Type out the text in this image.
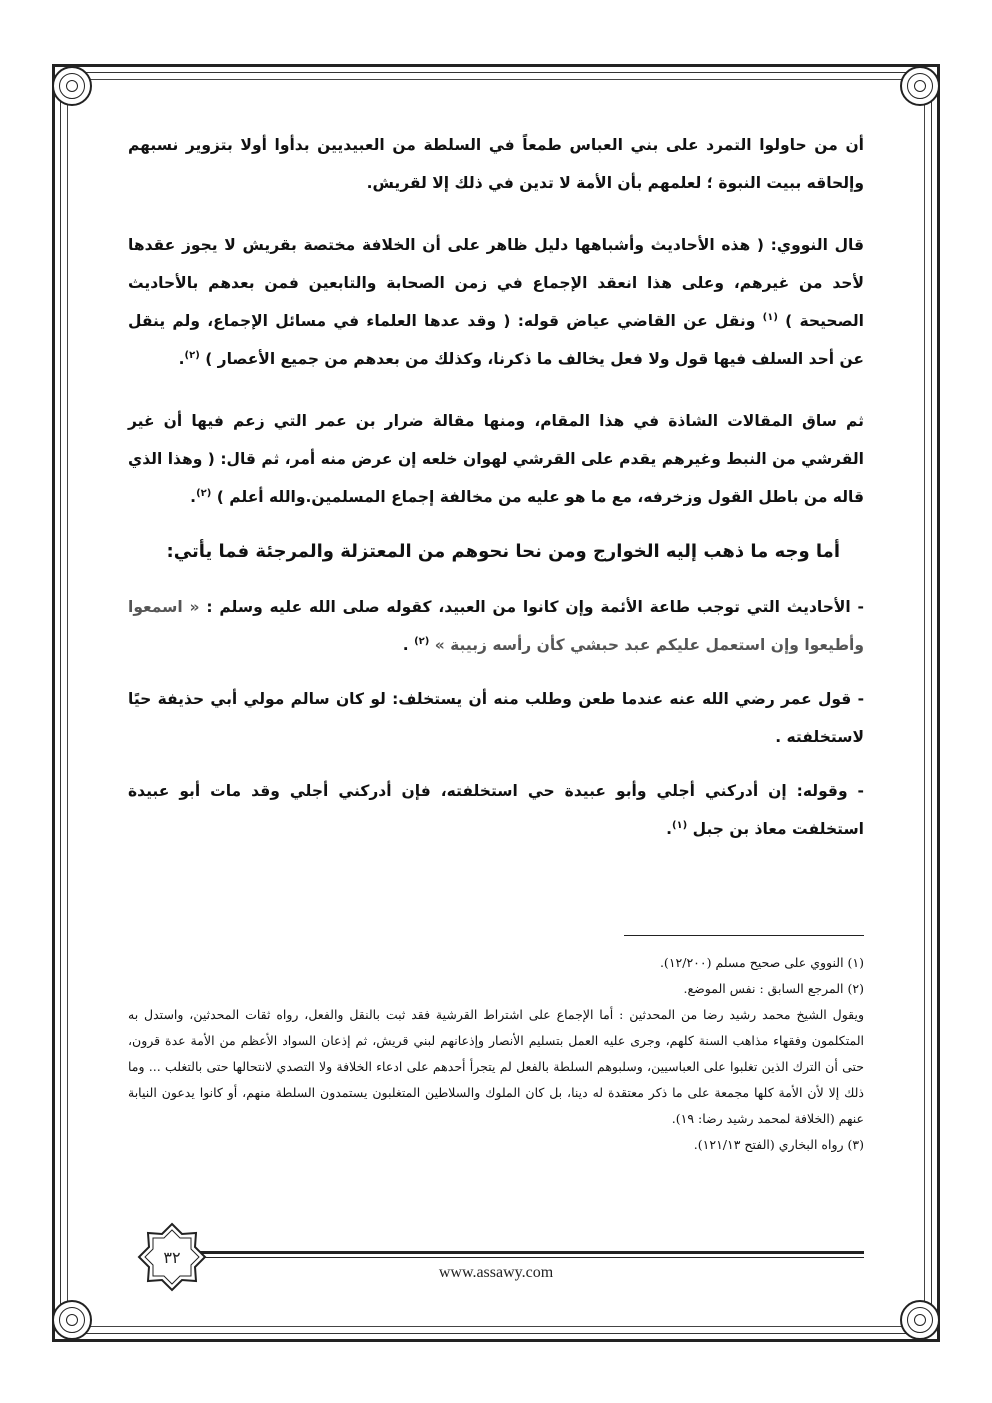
أن من حاولوا التمرد على بني العباس طمعاً في السلطة من العبيديين بدأوا أولا بتزوير نسبهم وإلحاقه ببيت النبوة ؛ لعلمهم بأن الأمة لا تدين في ذلك إلا لقريش.

قال النووي: ( هذه الأحاديث وأشباهها دليل ظاهر على أن الخلافة مختصة بقريش لا يجوز عقدها لأحد من غيرهم، وعلى هذا انعقد الإجماع في زمن الصحابة والتابعين فمن بعدهم بالأحاديث الصحيحة ) $^{(١)}$ ونقل عن القاضي عياض قوله: ( وقد عدها العلماء في مسائل الإجماع، ولم ينقل عن أحد السلف فيها قول ولا فعل يخالف ما ذكرنا، وكذلك من بعدهم من جميع الأعصار ) $^{(٢)}$.

ثم ساق المقالات الشاذة في هذا المقام، ومنها مقالة ضرار بن عمر التي زعم فيها أن غير القرشي من النبط وغيرهم يقدم على القرشي لهوان خلعه إن عرض منه أمر، ثم قال: ( وهذا الذي قاله من باطل القول وزخرفه، مع ما هو عليه من مخالفة إجماع المسلمين.والله أعلم ) $^{(٢)}$.

أما وجه ما ذهب إليه الخوارج ومن نحا نحوهم من المعتزلة والمرجئة فما يأتي:

- الأحاديث التي توجب طاعة الأئمة وإن كانوا من العبيد، كقوله صلى الله عليه وسلم : « اسمعوا وأطيعوا وإن استعمل عليكم عبد حبشي كأن رأسه زبيبة » $^{(٢)}$ .

- قول عمر رضي الله عنه عندما طعن وطلب منه أن يستخلف: لو كان سالم مولي أبي حذيفة حيًا لاستخلفته .

- وقوله: إن أدركني أجلي وأبو عبيدة حي استخلفته، فإن أدركني أجلي وقد مات أبو عبيدة استخلفت معاذ بن جبل $^{(١)}$.

(١) النووي على صحيح مسلم (١٢/٢٠٠).

(٢) المرجع السابق : نفس الموضع.

ويقول الشيخ محمد رشيد رضا من المحدثين : أما الإجماع على اشتراط القرشية فقد ثبت بالنقل والفعل، رواه ثقات المحدثين، واستدل به المتكلمون وفقهاء مذاهب السنة كلهم، وجرى عليه العمل بتسليم الأنصار وإذعانهم لبني قريش، ثم إذعان السواد الأعظم من الأمة عدة قرون، حتى أن الترك الذين تغلبوا على العباسيين، وسلبوهم السلطة بالفعل لم يتجرأ أحدهم على ادعاء الخلافة ولا التصدي لانتحالها حتى بالتغلب ... وما ذلك إلا لأن الأمة كلها مجمعة على ما ذكر معتقدة له دينا، بل كان الملوك والسلاطين المتغلبون يستمدون السلطة منهم، أو كانوا يدعون النيابة عنهم (الخلافة لمحمد رشيد رضا: ١٩).

(٣) رواه البخاري (الفتح ١٢١/١٣).

٣٢
www.assawy.com
